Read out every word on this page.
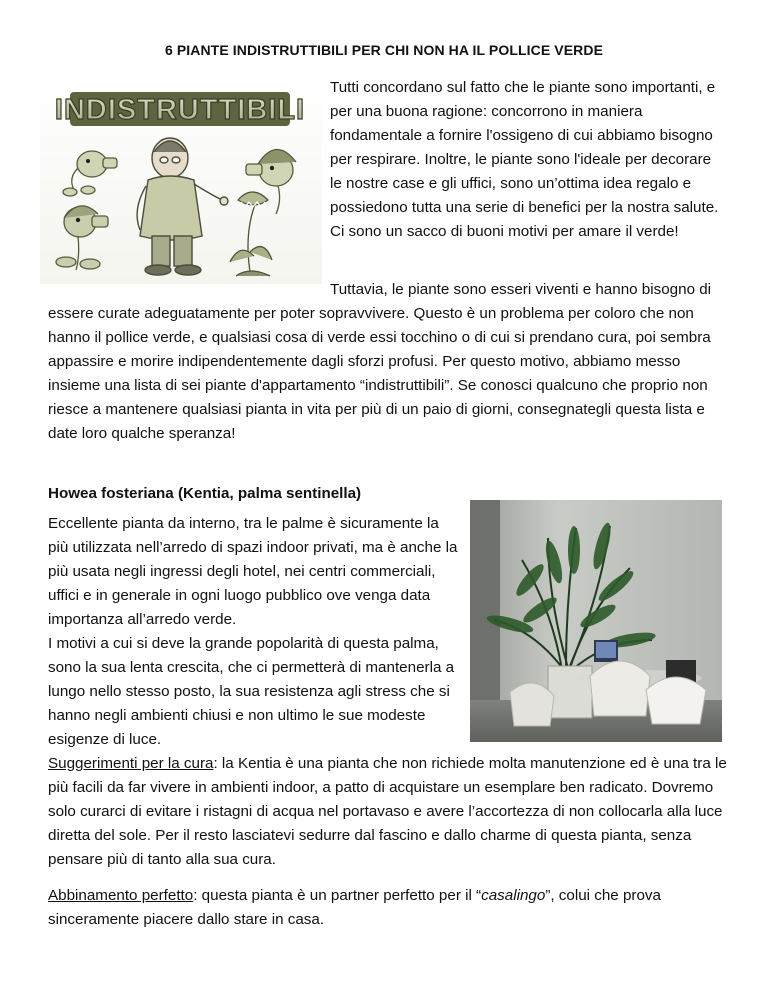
6 PIANTE INDISTRUTTIBILI PER CHI NON HA IL POLLICE VERDE
INDISTRUTTIBILI

Tutti concordano sul fatto che le piante sono importanti, e per una buona ragione: concorrono in maniera fondamentale a fornire l'ossigeno di cui abbiamo bisogno per respirare. Inoltre, le piante sono l'ideale per decorare le nostre case e gli uffici, sono un’ottima idea regalo e possiedono tutta una serie di benefici per la nostra salute. Ci sono un sacco di buoni motivi per amare il verde!

Tuttavia, le piante sono esseri viventi e hanno bisogno di essere curate adeguatamente per poter sopravvivere. Questo è un problema per coloro che non hanno il pollice verde, e qualsiasi cosa di verde essi tocchino o di cui si prendano cura, poi sembra appassire e morire indipendentemente dagli sforzi profusi. Per questo motivo, abbiamo messo insieme una lista di sei piante d'appartamento “indistruttibili”. Se conosci qualcuno che proprio non riesce a mantenere qualsiasi pianta in vita per più di un paio di giorni, consegnategli questa lista e date loro qualche speranza!

Howea fosteriana (Kentia, palma sentinella)

Eccellente pianta da interno, tra le palme è sicuramente la più utilizzata nell’arredo di spazi indoor privati, ma è anche la più usata negli ingressi degli hotel, nei centri commerciali, uffici e in generale in ogni luogo pubblico ove venga data importanza all’arredo verde.

I motivi a cui si deve la grande popolarità di questa palma, sono la sua lenta crescita, che ci permetterà di mantenerla a lungo nello stesso posto, la sua resistenza agli stress che si hanno negli ambienti chiusi e non ultimo le sue modeste esigenze di luce.

Suggerimenti per la cura: la Kentia è una pianta che non richiede molta manutenzione ed è una tra le più facili da far vivere in ambienti indoor, a patto di acquistare un esemplare ben radicato. Dovremo solo curarci di evitare i ristagni di acqua nel portavaso e avere l’accortezza di non collocarla alla luce diretta del sole. Per il resto lasciatevi sedurre dal fascino e dallo charme di questa pianta, senza pensare più di tanto alla sua cura.

Abbinamento perfetto: questa pianta è un partner perfetto per il “casalingo”, colui che prova sinceramente piacere dallo stare in casa.
